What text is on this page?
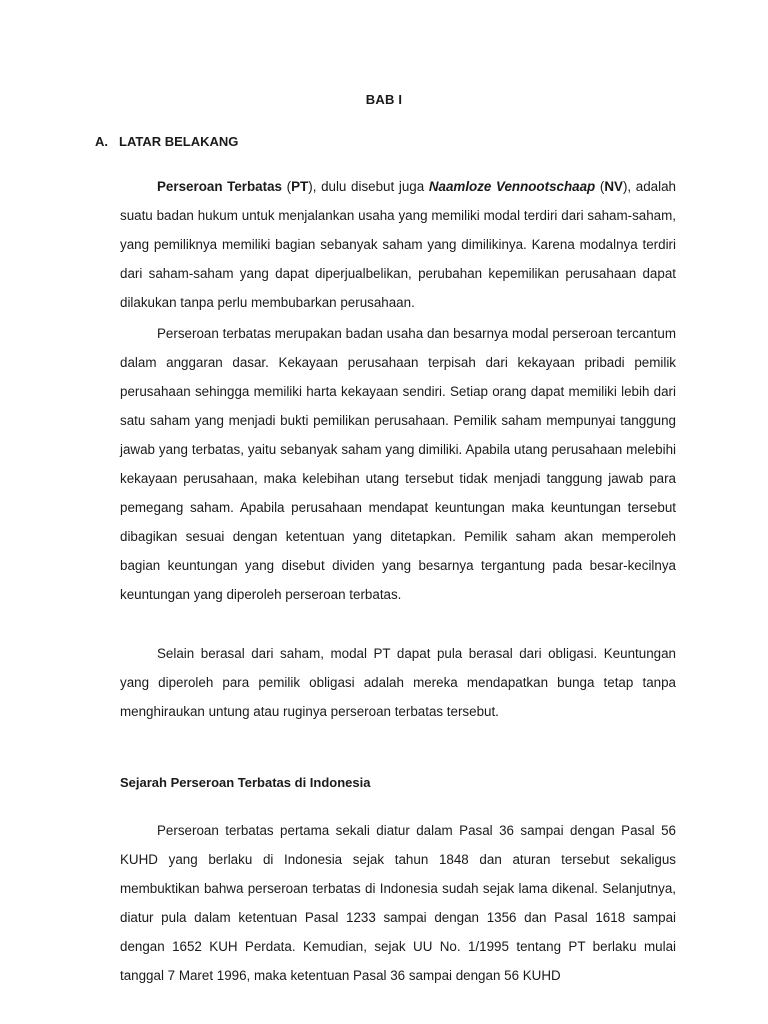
BAB I
A. LATAR BELAKANG

Perseroan Terbatas (PT), dulu disebut juga Naamloze Vennootschaap (NV), adalah suatu badan hukum untuk menjalankan usaha yang memiliki modal terdiri dari saham-saham, yang pemiliknya memiliki bagian sebanyak saham yang dimilikinya. Karena modalnya terdiri dari saham-saham yang dapat diperjualbelikan, perubahan kepemilikan perusahaan dapat dilakukan tanpa perlu membubarkan perusahaan.

Perseroan terbatas merupakan badan usaha dan besarnya modal perseroan tercantum dalam anggaran dasar. Kekayaan perusahaan terpisah dari kekayaan pribadi pemilik perusahaan sehingga memiliki harta kekayaan sendiri. Setiap orang dapat memiliki lebih dari satu saham yang menjadi bukti pemilikan perusahaan. Pemilik saham mempunyai tanggung jawab yang terbatas, yaitu sebanyak saham yang dimiliki. Apabila utang perusahaan melebihi kekayaan perusahaan, maka kelebihan utang tersebut tidak menjadi tanggung jawab para pemegang saham. Apabila perusahaan mendapat keuntungan maka keuntungan tersebut dibagikan sesuai dengan ketentuan yang ditetapkan. Pemilik saham akan memperoleh bagian keuntungan yang disebut dividen yang besarnya tergantung pada besar-kecilnya keuntungan yang diperoleh perseroan terbatas.

Selain berasal dari saham, modal PT dapat pula berasal dari obligasi. Keuntungan yang diperoleh para pemilik obligasi adalah mereka mendapatkan bunga tetap tanpa menghiraukan untung atau ruginya perseroan terbatas tersebut.

Sejarah Perseroan Terbatas di Indonesia

Perseroan terbatas pertama sekali diatur dalam Pasal 36 sampai dengan Pasal 56 KUHD yang berlaku di Indonesia sejak tahun 1848 dan aturan tersebut sekaligus membuktikan bahwa perseroan terbatas di Indonesia sudah sejak lama dikenal. Selanjutnya, diatur pula dalam ketentuan Pasal 1233 sampai dengan 1356 dan Pasal 1618 sampai dengan 1652 KUH Perdata. Kemudian, sejak UU No. 1/1995 tentang PT berlaku mulai tanggal 7 Maret 1996, maka ketentuan Pasal 36 sampai dengan 56 KUHD
